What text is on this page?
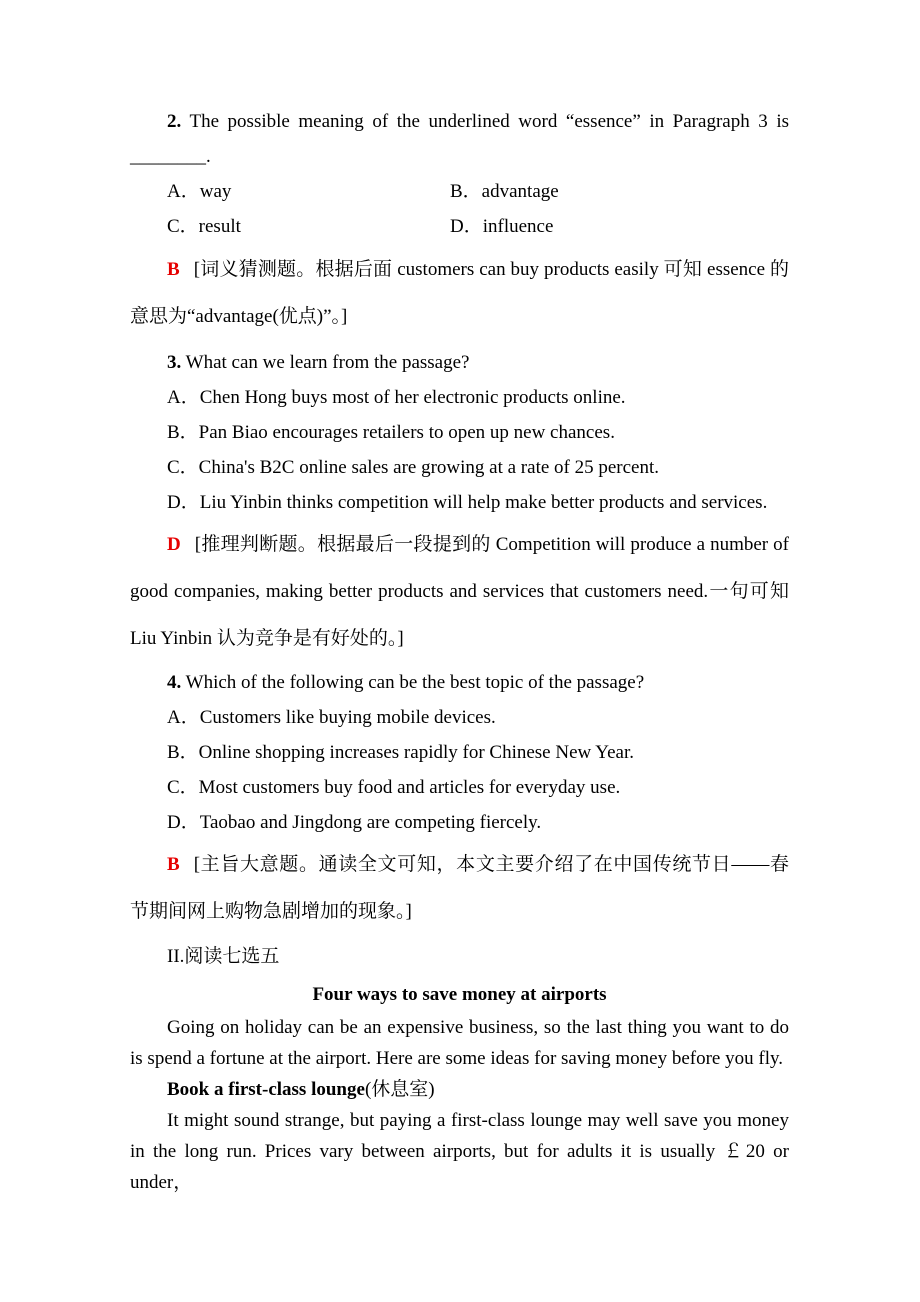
2. The possible meaning of the underlined word “essence” in Paragraph 3 is ________.

A．way	B．advantage
C．result	D．influence

B [词义猜测题。根据后面 customers can buy products easily 可知 essence 的意思为“advantage(优点)”。]

3. What can we learn from the passage?

A．Chen Hong buys most of her electronic products online.

B．Pan Biao encourages retailers to open up new chances.

C．China's B2C online sales are growing at a rate of 25 percent.

D．Liu Yinbin thinks competition will help make better products and services.

D [推理判断题。根据最后一段提到的 Competition will produce a number of good companies, making better products and services that customers need.一句可知 Liu Yinbin 认为竞争是有好处的。]

4. Which of the following can be the best topic of the passage?

A．Customers like buying mobile devices.

B．Online shopping increases rapidly for Chinese New Year.

C．Most customers buy food and articles for everyday use.

D．Taobao and Jingdong are competing fiercely.

B [主旨大意题。通读全文可知，本文主要介绍了在中国传统节日——春节期间网上购物急剧增加的现象。]

II.阅读七选五

Four ways to save money at airports

Going on holiday can be an expensive business, so the last thing you want to do is spend a fortune at the airport. Here are some ideas for saving money before you fly.

Book a first-class lounge(休息室)

It might sound strange, but paying a first-class lounge may well save you money in the long run. Prices vary between airports, but for adults it is usually ￡20 or under，
